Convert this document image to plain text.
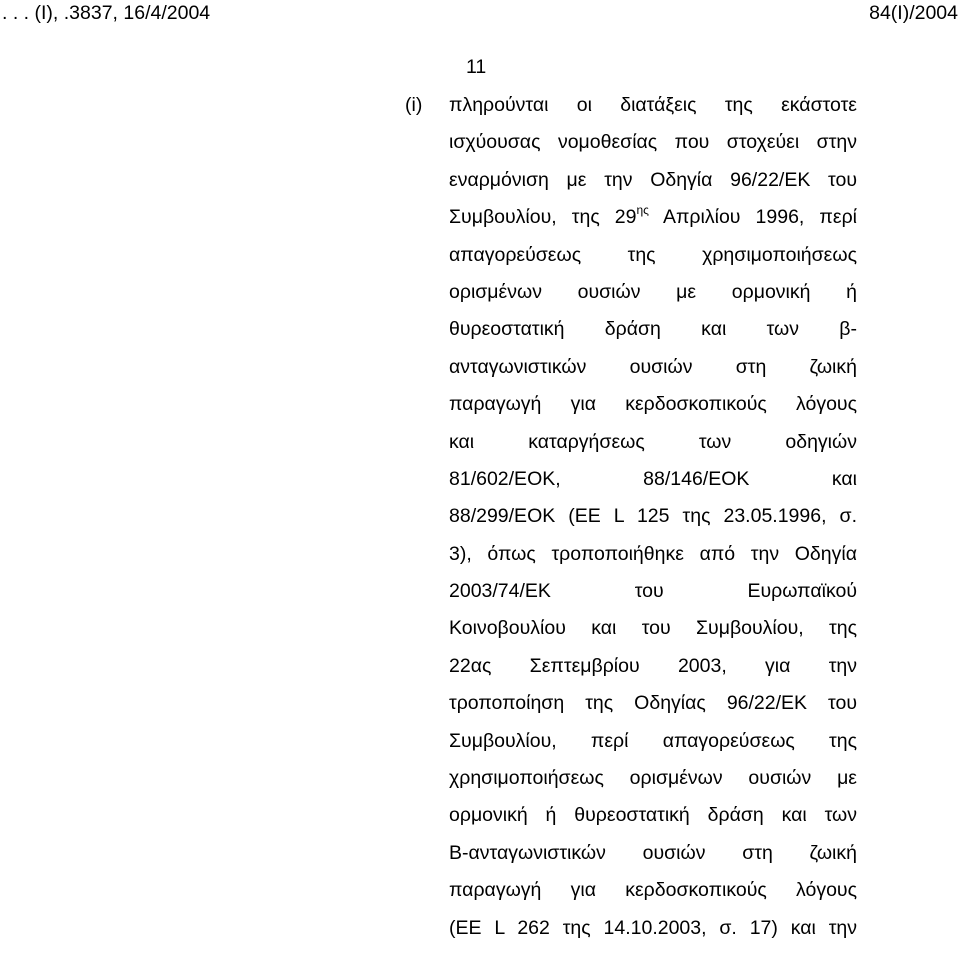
. . . (I), .3837, 16/4/2004	84(I)/2004
11
(i) πληρούνται οι διατάξεις της εκάστοτε
ισχύουσας νομοθεσίας που στοχεύει στην
εναρμόνιση με την Οδηγία 96/22/ΕΚ του
Συμβουλίου, της $29^{\eta\varsigma}$ Απριλίου 1996, περί
απαγορεύσεως της χρησιμοποιήσεως
ορισμένων ουσιών με ορμονική ή
θυρεοστατική δράση και των β-
ανταγωνιστικών ουσιών στη ζωική
παραγωγή για κερδοσκοπικούς λόγους
και καταργήσεως των οδηγιών
81/602/ΕΟΚ, 88/146/ΕΟΚ και
88/299/ΕΟΚ (ΕΕ L 125 της 23.05.1996, σ.
3), όπως τροποποιήθηκε από την Οδηγία
2003/74/ΕΚ του Ευρωπαϊκού
Κοινοβουλίου και του Συμβουλίου, της
22ας Σεπτεμβρίου 2003, για την
τροποποίηση της Οδηγίας 96/22/ΕΚ του
Συμβουλίου, περί απαγορεύσεως της
χρησιμοποιήσεως ορισμένων ουσιών με
ορμονική ή θυρεοστατική δράση και των
Β-ανταγωνιστικών ουσιών στη ζωική
παραγωγή για κερδοσκοπικούς λόγους
(ΕΕ L 262 της 14.10.2003, σ. 17) και την
